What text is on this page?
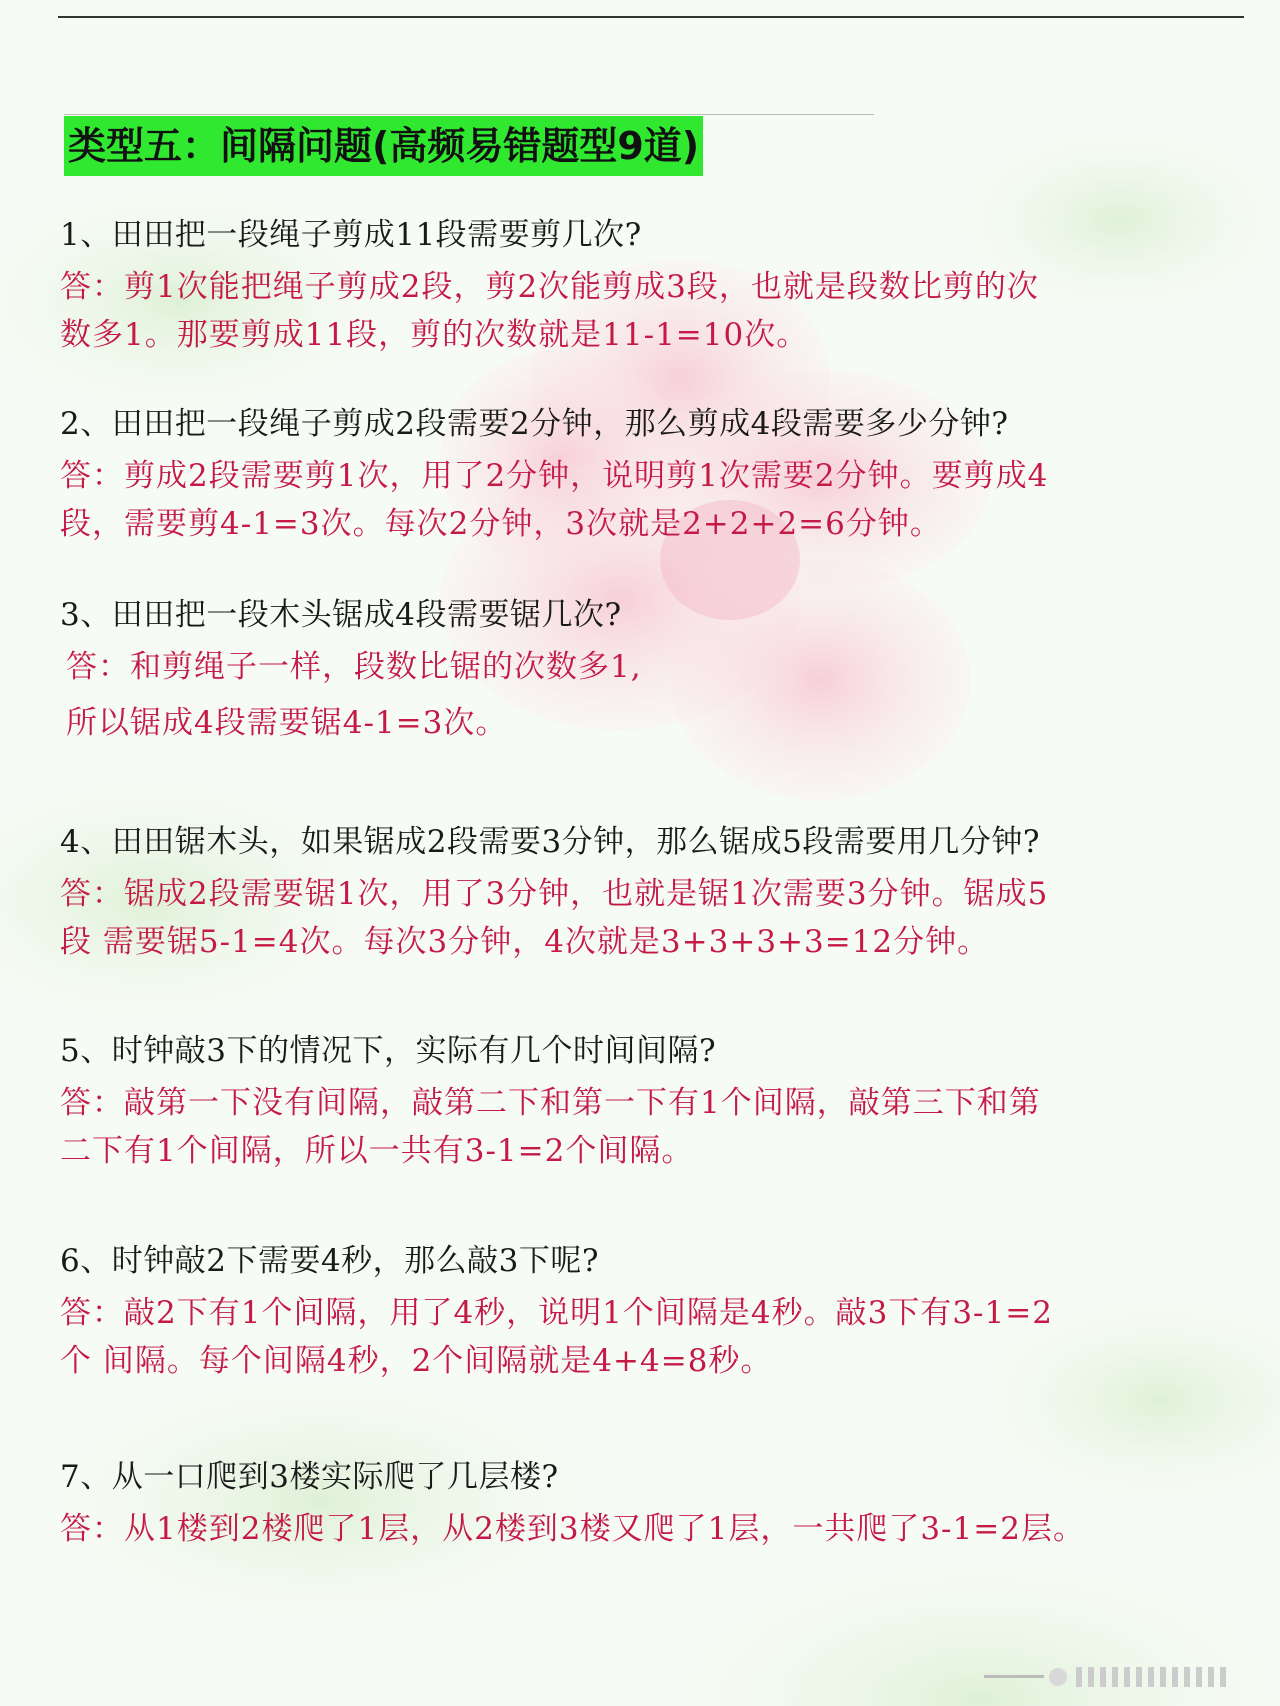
类型五：间隔问题(高频易错题型9道)

1、田田把一段绳子剪成11段需要剪几次?

答：剪1次能把绳子剪成2段，剪2次能剪成3段，也就是段数比剪的次
数多1。那要剪成11段，剪的次数就是11-1=10次。

2、田田把一段绳子剪成2段需要2分钟，那么剪成4段需要多少分钟?

答：剪成2段需要剪1次，用了2分钟，说明剪1次需要2分钟。要剪成4
段，需要剪4-1=3次。每次2分钟，3次就是2+2+2=6分钟。

3、田田把一段木头锯成4段需要锯几次?

答：和剪绳子一样，段数比锯的次数多1,
所以锯成4段需要锯4-1=3次。

4、田田锯木头，如果锯成2段需要3分钟，那么锯成5段需要用几分钟?

答：锯成2段需要锯1次，用了3分钟，也就是锯1次需要3分钟。锯成5
段 需要锯5-1=4次。每次3分钟，4次就是3+3+3+3=12分钟。

5、时钟敲3下的情况下，实际有几个时间间隔?

答：敲第一下没有间隔，敲第二下和第一下有1个间隔，敲第三下和第
二下有1个间隔，所以一共有3-1=2个间隔。

6、时钟敲2下需要4秒，那么敲3下呢?

答：敲2下有1个间隔，用了4秒，说明1个间隔是4秒。敲3下有3-1=2
个 间隔。每个间隔4秒，2个间隔就是4+4=8秒。

7、从一口爬到3楼实际爬了几层楼?

答：从1楼到2楼爬了1层，从2楼到3楼又爬了1层，一共爬了3-1=2层。
